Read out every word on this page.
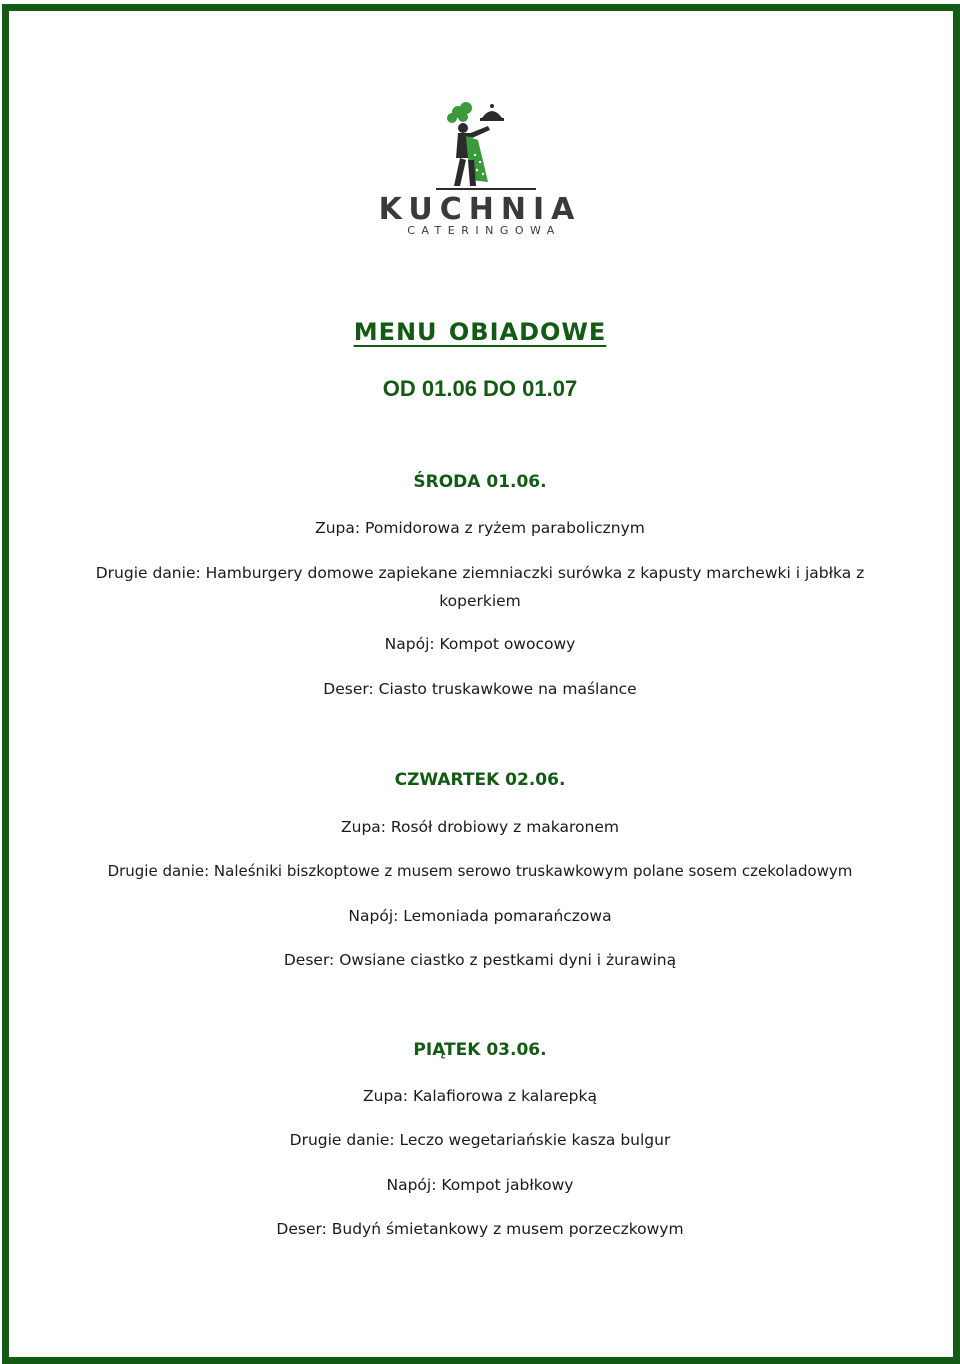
KUCHNIA
CATERINGOWA
MENU OBIADOWE
OD 01.06 DO 01.07
ŚRODA 01.06.
Zupa: Pomidorowa z ryżem parabolicznym
Drugie danie: Hamburgery domowe zapiekane ziemniaczki surówka z kapusty marchewki i jabłka z koperkiem
Napój: Kompot owocowy
Deser: Ciasto truskawkowe na maślance
CZWARTEK 02.06.
Zupa: Rosół drobiowy z makaronem
Drugie danie: Naleśniki biszkoptowe z musem serowo truskawkowym polane sosem czekoladowym
Napój: Lemoniada pomarańczowa
Deser: Owsiane ciastko z pestkami dyni i żurawiną
PIĄTEK 03.06.
Zupa: Kalafiorowa z kalarepką
Drugie danie: Leczo wegetariańskie kasza bulgur
Napój: Kompot jabłkowy
Deser: Budyń śmietankowy z musem porzeczkowym
